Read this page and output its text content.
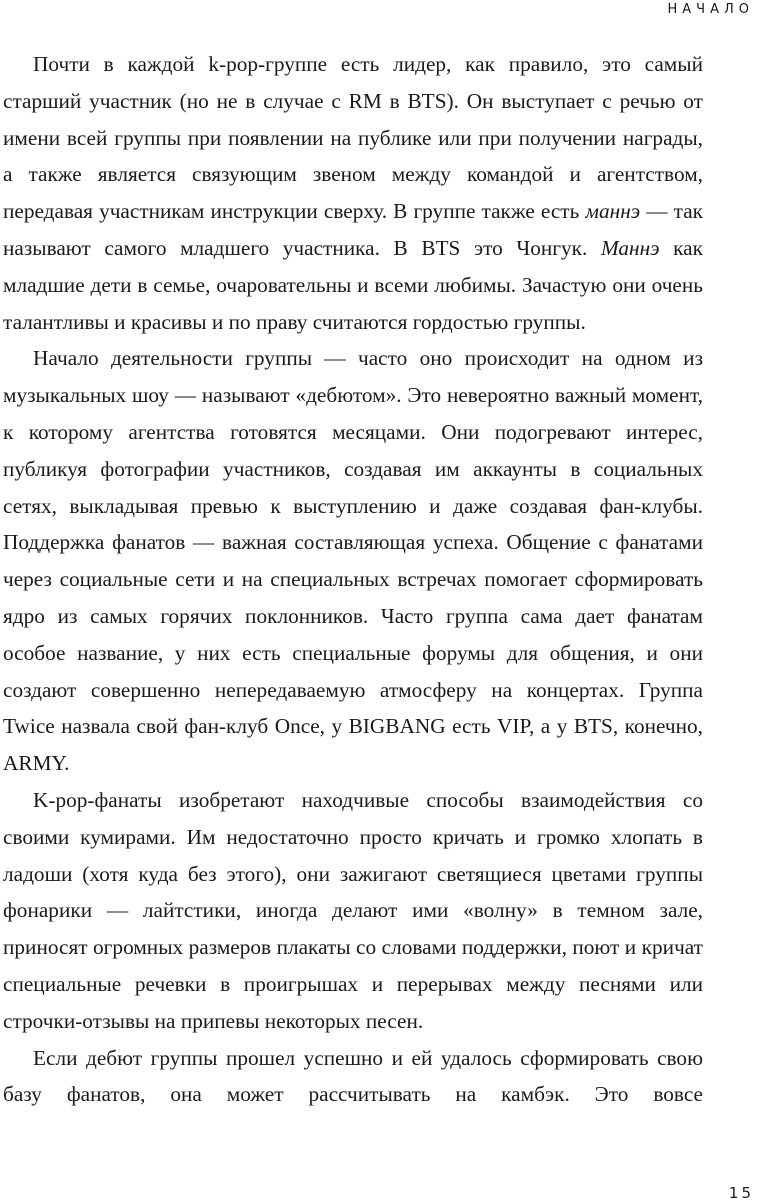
НАЧАЛО

Почти в каждой k-pop-группе есть лидер, как правило, это самый старший участник (но не в случае с RM в BTS). Он выступает с речью от имени всей группы при появлении на публике или при получении награды, а также является связующим звеном между командой и агентством, передавая участникам инструкции сверху. В группе также есть маннэ — так называют самого младшего участника. В BTS это Чонгук. Маннэ как младшие дети в семье, очаровательны и всеми любимы. Зачастую они очень талантливы и красивы и по праву считаются гордостью группы.

Начало деятельности группы — часто оно происходит на одном из музыкальных шоу — называют «дебютом». Это невероятно важный момент, к которому агентства готовятся месяцами. Они подогревают интерес, публикуя фотографии участников, создавая им аккаунты в социальных сетях, выкладывая превью к выступлению и даже создавая фан-клубы. Поддержка фанатов — важная составляющая успеха. Общение с фанатами через социальные сети и на специальных встречах помогает сформировать ядро из самых горячих поклонников. Часто группа сама дает фанатам особое название, у них есть специальные форумы для общения, и они создают совершенно непередаваемую атмосферу на концертах. Группа Twice назвала свой фан-клуб Once, у BIGBANG есть VIP, а у BTS, конечно, ARMY.

K-pop-фанаты изобретают находчивые способы взаимодействия со своими кумирами. Им недостаточно просто кричать и громко хлопать в ладоши (хотя куда без этого), они зажигают светящиеся цветами группы фонарики — лайтстики, иногда делают ими «волну» в темном зале, приносят огромных размеров плакаты со словами поддержки, поют и кричат специальные речевки в проигрышах и перерывах между песнями или строчки-отзывы на припевы некоторых песен.

Если дебют группы прошел успешно и ей удалось сформировать свою базу фанатов, она может рассчитывать на камбэк. Это вовсе

15
